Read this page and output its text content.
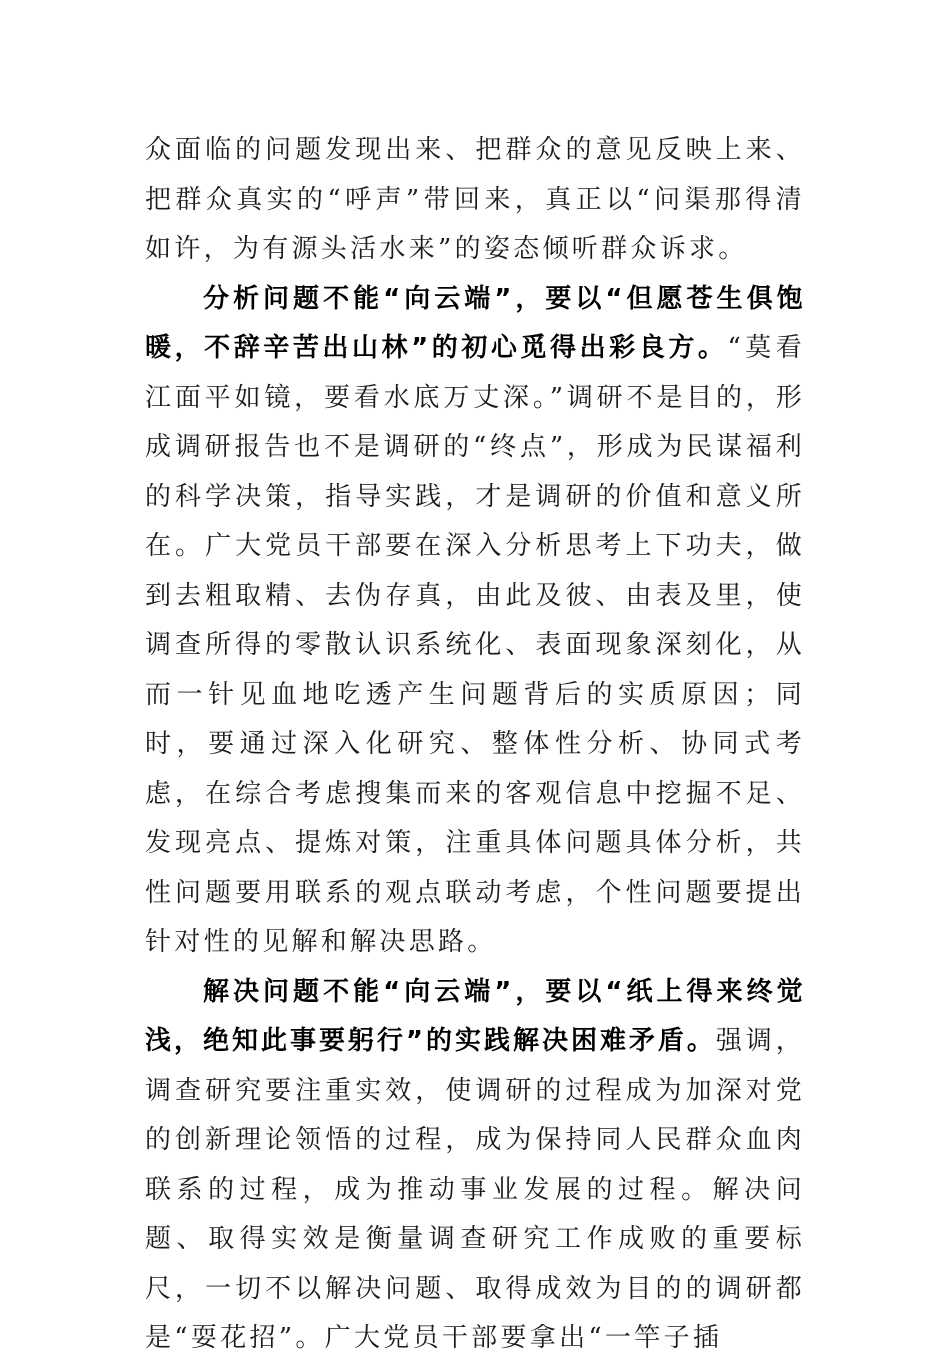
众面临的问题发现出来、把群众的意见反映上来、把群众真实的“呼声”带回来，真正以“问渠那得清如许，为有源头活水来”的姿态倾听群众诉求。

分析问题不能“向云端”，要以“但愿苍生俱饱暖，不辞辛苦出山林”的初心觅得出彩良方。“莫看江面平如镜，要看水底万丈深。”调研不是目的，形成调研报告也不是调研的“终点”，形成为民谋福利的科学决策，指导实践，才是调研的价值和意义所在。广大党员干部要在深入分析思考上下功夫，做到去粗取精、去伪存真，由此及彼、由表及里，使调查所得的零散认识系统化、表面现象深刻化，从而一针见血地吃透产生问题背后的实质原因；同时，要通过深入化研究、整体性分析、协同式考虑，在综合考虑搜集而来的客观信息中挖掘不足、发现亮点、提炼对策，注重具体问题具体分析，共性问题要用联系的观点联动考虑，个性问题要提出针对性的见解和解决思路。

解决问题不能“向云端”，要以“纸上得来终觉浅，绝知此事要躬行”的实践解决困难矛盾。强调，调查研究要注重实效，使调研的过程成为加深对党的创新理论领悟的过程，成为保持同人民群众血肉联系的过程，成为推动事业发展的过程。解决问题、取得实效是衡量调查研究工作成败的重要标尺，一切不以解决问题、取得成效为目的的调研都是“耍花招”。广大党员干部要拿出“一竿子插
